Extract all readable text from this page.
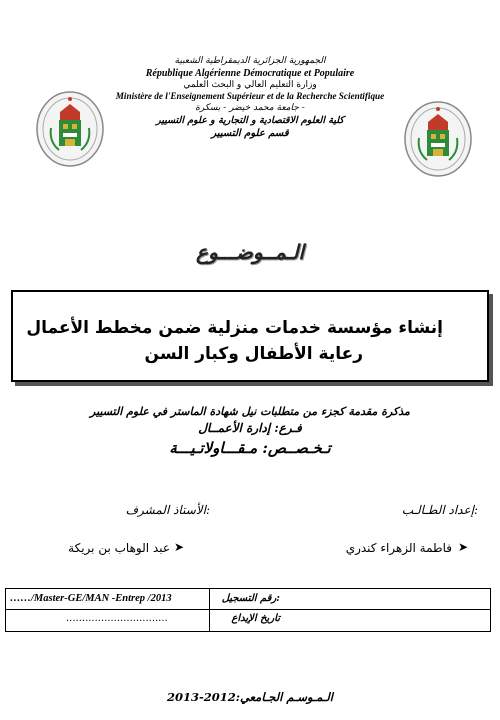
الجمهورية الجزائرية الديمقراطية الشعبية
République Algérienne Démocratique et Populaire
وزارة التعليم العالي و البحث العلمي
Ministère de l'Enseignement Supérieur et de la Recherche Scientifique
جامعة محمد خيضر - بسكرة -
كلية العلوم الاقتصادية و التجارية و علوم التسيير
قسم علوم التسيير
الـمــوضـــوع
إنشاء مؤسسة خدمات منزلية ضمن مخطط الأعمال
رعاية الأطفال وكبار السن
مذكرة مقدمة كجزء من متطلبات نيل شهادة الماستر في علوم التسيير
فـرع: إدارة الأعمــال
تـخـصــص: مـقـــاولاتـيـــة
إعداد الطـالـب:
الأستاذ المشرف:
فاطمة الزهراء كندري ➤
عبد الوهاب بن بريكة ➤
……/Master-GE/MAN -Entrep /2013	رقم التسجيل:
................................	تاريخ الإيداع
الـمـوسـم الجـامعي:2012-2013
